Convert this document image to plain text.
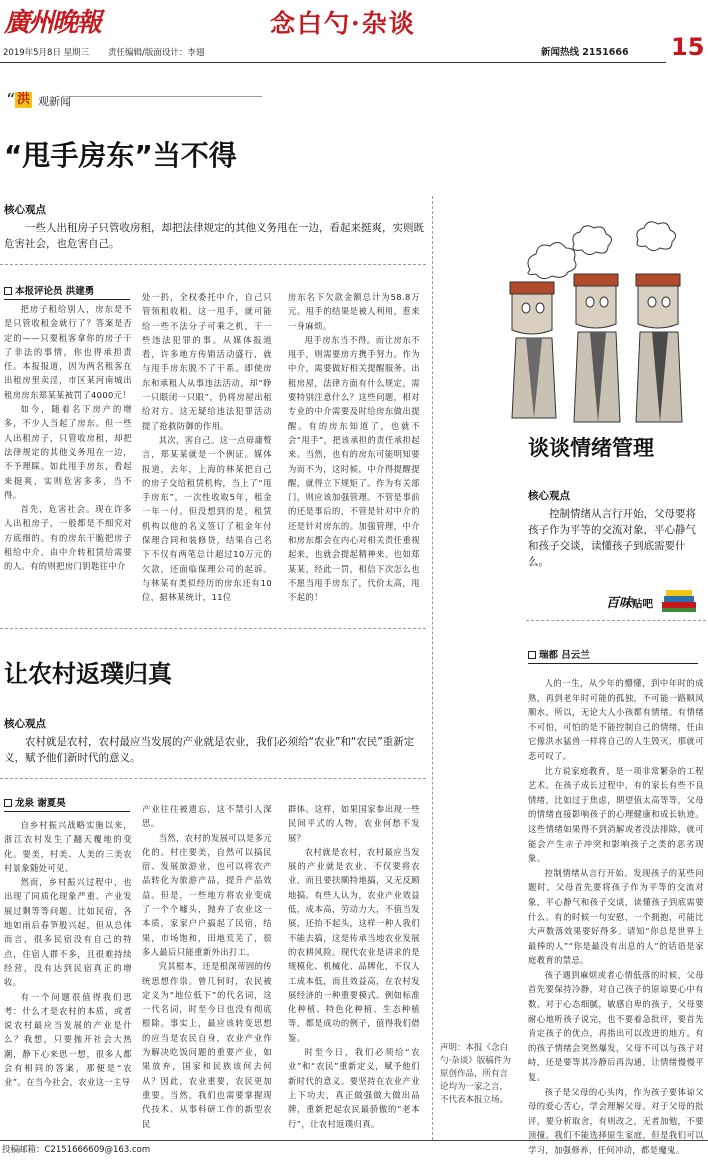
廣州晚報	念白勺·杂谈
15
2019年5月8日 星期三 责任编辑/版面设计：李翅	新闻热线 2151666
“ 洪 观新闻
“甩手房东”当不得
核心观点
一些人出租房子只管收房租，却把法律规定的其他义务甩在一边，看起来挺爽，实则既危害社会，也危害自己。
本报评论员 洪建勇

把房子租给别人，房东是不是只管收租金就行了？答案是否定的——只要租客拿你的房子干了非法的事情，你也得承担责任。本报报道，因为两名租客在出租房里卖淫，市区某河南城出租房房东郑某某被罚了4000元！

如今，随着名下房产的增多，不少人当起了房东。但一些人出租房子，只管收房租，却把法律规定的其他义务甩在一边，不予理睬。如此甩手房东，看起来挺爽，实则危害多多，当不得。

首先，危害社会。现在许多人出租房子，一般都是不细究对方底细的。有的房东干脆把房子租给中介，由中介转租赁给需要的人。有的则把房门钥匙往中介

处一扔，全权委托中介，自己只管领租收租。这一甩手，就可能给一些不法分子可乘之机，干一些违法犯罪的事。从媒体报道看，许多地方传销活动盛行，就与甩手房东脱不了干系。即使房东和承租人从事违法活动，却“睁一只眼闭一只眼”，仍将房屋出租给对方。这无疑给违法犯罪活动提了抢救防御的作用。

其次，害自己。这一点毋庸赘言，郑某某就是一个例证。媒体报道，去年，上海的林某把自己的房子交给租赁机构，当上了“甩手房东”，一次性收取5年，租金一年一付。但没想到的是，租赁机构以他的名义签订了租金年付保理合同和装修贷，结果自己名下不仅有两笔总计超过10万元的欠款，还面临保理公司的起诉。与林某有类似经历的房东还有10位，据林某统计，11位

房东名下欠款金额总计为58.8万元。甩手的结果是被人利用，惹来一身麻烦。

甩手房东当不得。而让房东不甩手，则需要房方携手努力。作为中介，需要做好相关提醒服务。出租房屋，法律方面有什么规定，需要特别注意什么？这些问题，相对专业的中介需要及时给房东做出提醒。有的房东知道了，也就不会“甩手”，把该承担的责任承担起来。当然，也有的房东可能明知要为而不为，这时候，中介得提醒提醒，就得立下规矩了。作为有关部门，则应该加强管理。不管是事前的还是事后的，不管是针对中介的还是针对房东的。加强管理，中介和房东都会在内心对相关责任重视起来，也就会提起精神来。也如郑某某，经此一罚，相信下次怎么也不愿当甩手房东了，代价太高，甩不起的！

让农村返璞归真
核心观点
农村就是农村，农村最应当发展的产业就是农业，我们必须给“农业”和“农民”重新定义，赋予他们新时代的意义。
龙泉 谢夏昊

自乡村振兴战略实施以来，浙江农村发生了翻天覆地的变化。要美，村美、人美的三美农村景象随处可见。

然而，乡村振兴过程中，也出现了同质化现象严重、产业发展过剩等等问题。比如民宿，各地如雨后春笋般兴起，但从总体而言，很多民宿没有自己的特点，住宿人群不多，且很难持续经营，没有达到民宿真正的增收。

有一个问题很值得我们思考：什么才是农村的本质，或者说农村最应当发展的产业是什么？我想，只要抛开社会大热潮，静下心来思一想，很多人都会有相同的答案，那便是“农业”。在当今社会，农业这一主导

产业往往被遗忘，这不禁引人深思。

当然，农村的发展可以是多元化的。村庄要美，自然可以搞民宿、发展旅游业，也可以将农产品转化为旅游产品，提升产品效益。但是，一些地方将农业变成了一个个噱头，抛弃了农业这一本质，家家户户搞起了民宿，结果，市场饱和，田地荒芜了，很多人最后只能重新外出打工。

究其根本，还是根深蒂固的传统思想作祟。曾几何时，农民被定义为“地位低下”的代名词，这一代名词，时至今日也没有彻底根除。事实上，最应该转变思想的应当是农民自身，农业产业作为解决吃饭问题的重要产业，如果放弃，国家和民族该何去何从？因此，农业重要，农民更加重要。当然，我们也需要掌握现代技术、从事科研工作的新型农民

群体。这样，如果国家参出现一些民间平式的人物，农业何愁不发展？

农村就是农村，农村最应当发展的产业就是农业，不仅要将农业，而且要扶顺特地搞，又无反顾地搞。有些人认为，农业产业效益低，成本高，劳动力大，不值当发展，还抬不起头，这样一种人我们不能去搞，这是传承当地农业发展的农耕风险。现代农业是讲求的是规模化、机械化、品牌化，不仅人工成本低，而且效益高，在农村发展经济的一种重要模式。例如标准化种植、特色化种植、生态种植等，都是成功的例子，值得我们借鉴。

时至今日，我们必须给“农业”和“农民”重新定义，赋予他们新时代的意义。要坚持在农业产业上下功夫，真正做强做大做出品牌，重新把起农民最骄傲的“老本行”，让农村返璞归真。

谈谈情绪管理
核心观点
控制情绪从言行开始，父母要将孩子作为平等的交流对象，平心静气和孩子交谈，读懂孩子到底需要什么。
百味贴吧
瑞都 吕云兰

人的一生，从少年的懵懂，到中年时的成熟，再到老年时可能的孤独，不可能一路顺风顺水，所以，无论大人小孩都有情绪。有情绪不可怕，可怕的是不能控制自己的情绪，任由它像洪水猛兽一样将自己的人生毁灭，那就可悲可叹了。

比方说家庭教育，是一项非常繁杂的工程艺术。在孩子成长过程中，有的家长有些不良情绪，比如过于焦虑，期望值太高等等，父母的情绪直接影响孩子的心理健康和成长轨迹。这些情绪如果得不到消解或者没法排除，就可能会产生亲子冲突和影响孩子之类的恶劣现象。

控制情绪从言行开始。发现孩子的某些问题时，父母首先要将孩子作为平等的交流对象，平心静气和孩子交谈，读懂孩子到底需要什么。有的时候一句安慰，一个拥抱，可能比大声数落效果要好得多。请知“你总是世界上最棒的人”“你是最没有出息的人”的话语是家庭教育的禁忌。

孩子遇到麻烦或者心情低落的时候，父母首先要保持冷静，对自己孩子的原谅要心中有数。对于心态细腻，敏感自卑的孩子，父母要耐心地听孩子说完，也不要着急批评，要首先肯定孩子的优点，再指出可以改进的地方。有的孩子情绪会突然爆发，父母不可以与孩子对峙，还是要等其冷静后再沟通，让情绪慢慢平复。

孩子是父母的心头肉，作为孩子要体谅父母的爱心苦心，学会理解父母。对于父母的批评，要分析取舍，有则改之，无者加勉，不要顶撞。我们不能选择原生家庭，但是我们可以学习，加强修养，任何冲动，都是魔鬼。

声明：本报《念白勺·杂谈》版稿件为原创作品，所有言论均为一家之言，不代表本报立场。
投稿邮箱：C2151666609@163.com
